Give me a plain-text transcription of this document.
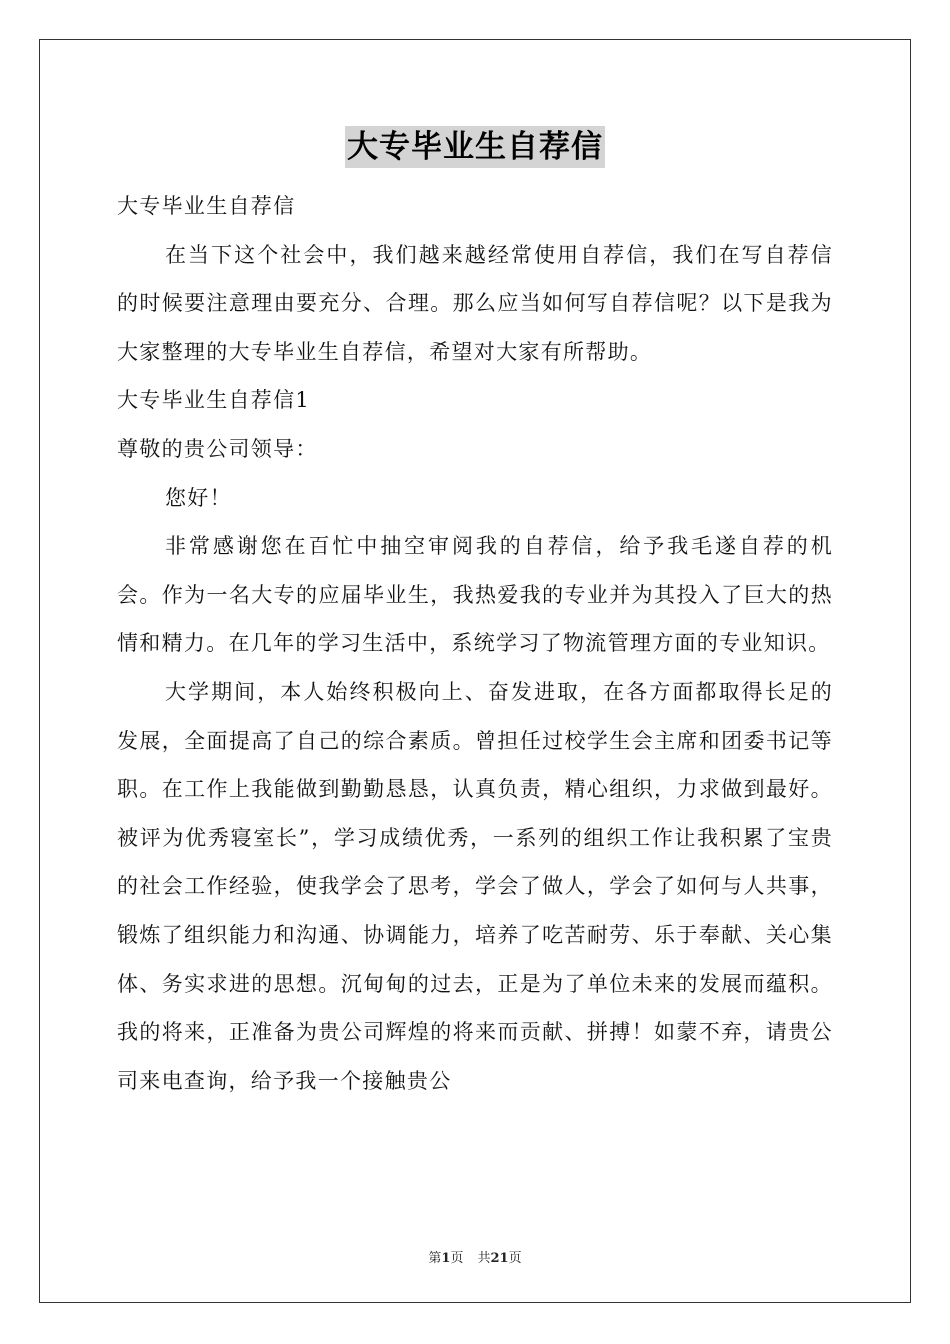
大专毕业生自荐信

大专毕业生自荐信

在当下这个社会中，我们越来越经常使用自荐信，我们在写自荐信的时候要注意理由要充分、合理。那么应当如何写自荐信呢？以下是我为大家整理的大专毕业生自荐信，希望对大家有所帮助。

大专毕业生自荐信1

尊敬的贵公司领导：

您好！

非常感谢您在百忙中抽空审阅我的自荐信，给予我毛遂自荐的机会。作为一名大专的应届毕业生，我热爱我的专业并为其投入了巨大的热情和精力。在几年的学习生活中，系统学习了物流管理方面的专业知识。

大学期间，本人始终积极向上、奋发进取，在各方面都取得长足的发展，全面提高了自己的综合素质。曾担任过校学生会主席和团委书记等职。在工作上我能做到勤勤恳恳，认真负责，精心组织，力求做到最好。被评为优秀寝室长”，学习成绩优秀，一系列的组织工作让我积累了宝贵的社会工作经验，使我学会了思考，学会了做人，学会了如何与人共事，锻炼了组织能力和沟通、协调能力，培养了吃苦耐劳、乐于奉献、关心集体、务实求进的思想。沉甸甸的过去，正是为了单位未来的发展而蕴积。我的将来，正准备为贵公司辉煌的将来而贡献、拼搏！如蒙不弃，请贵公司来电查询，给予我一个接触贵公

第1页 共21页
